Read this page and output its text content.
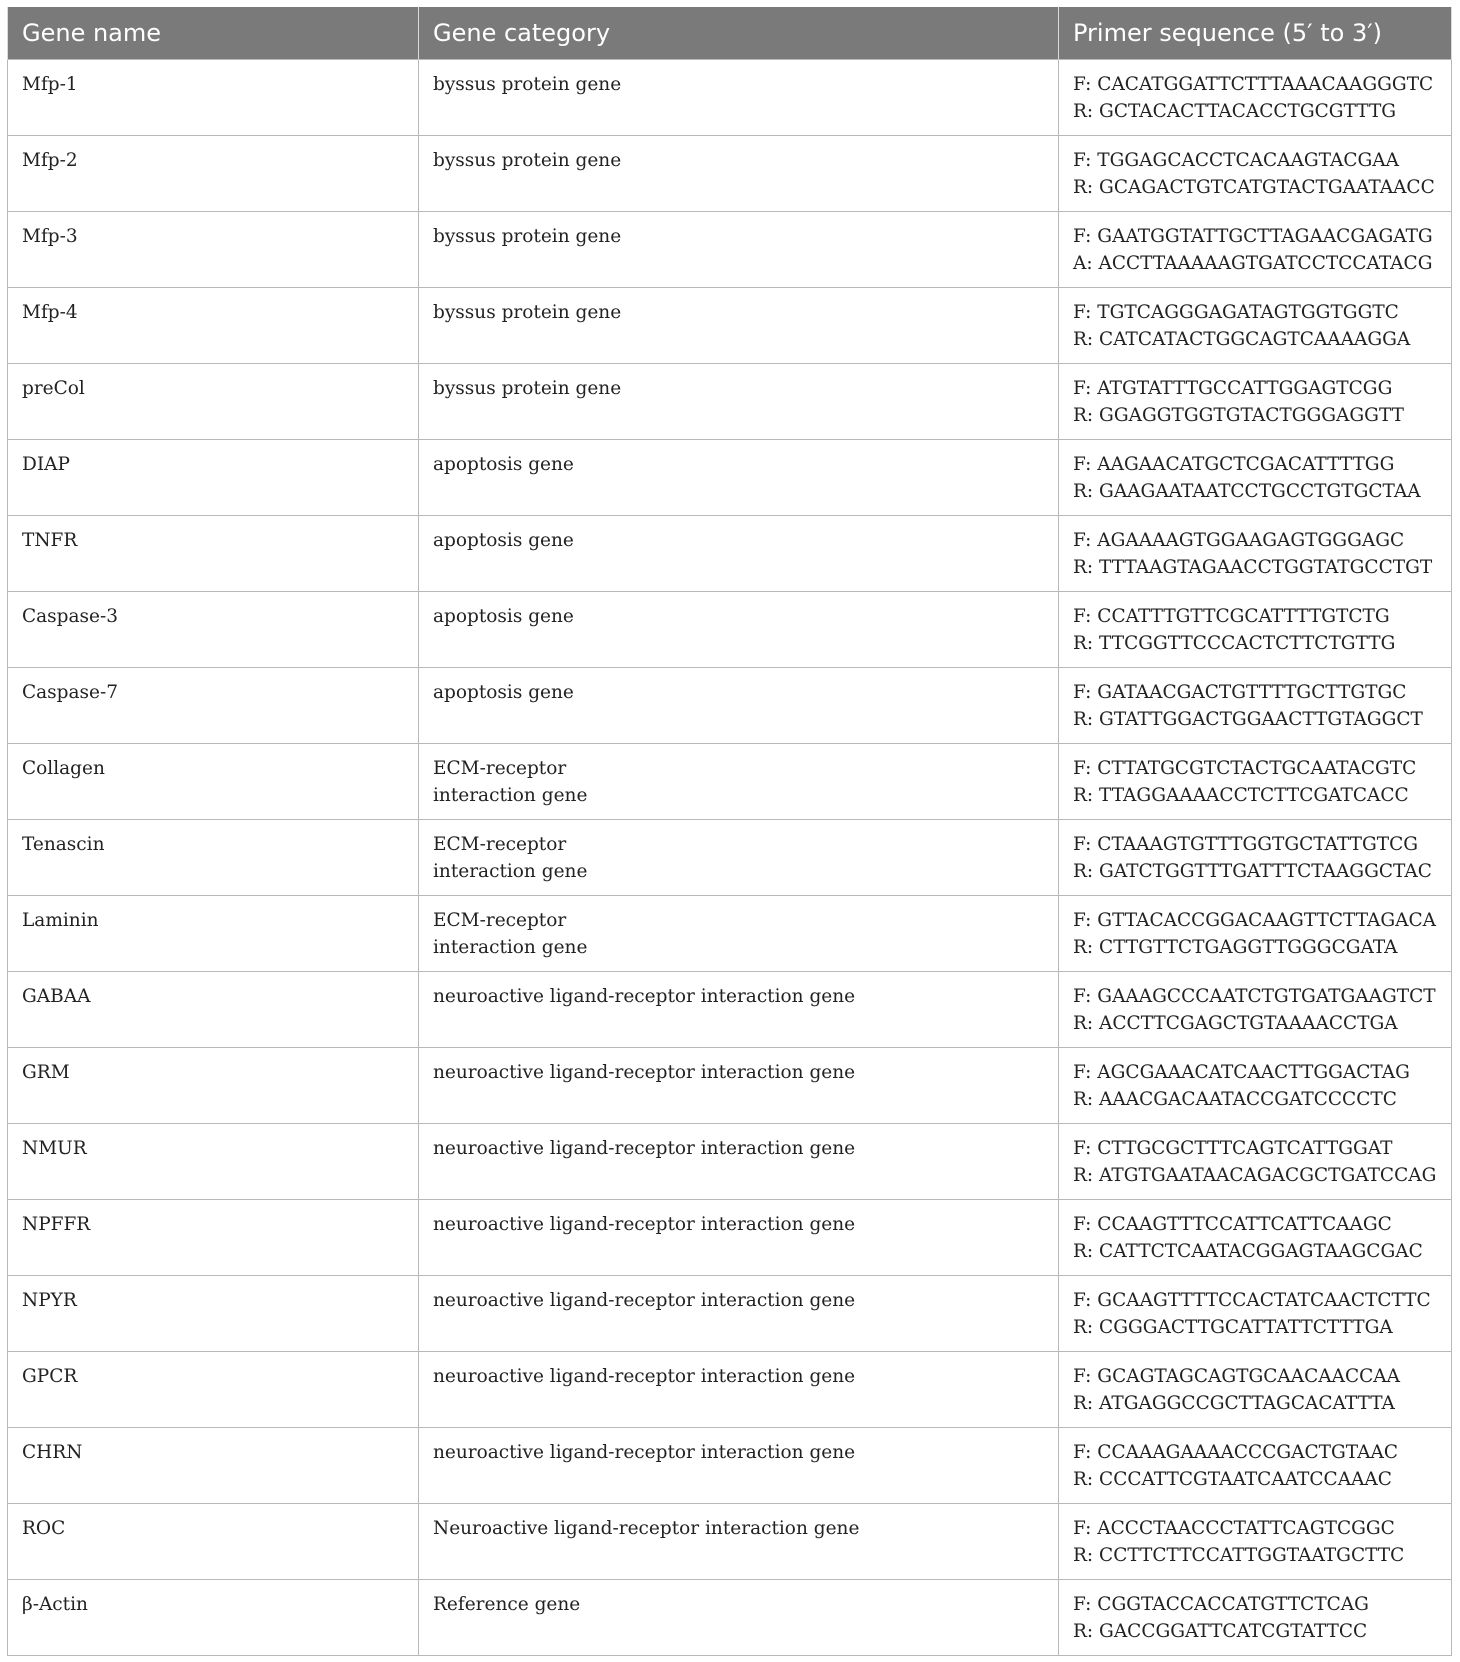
Gene name	Gene category	Primer sequence (5′ to 3′)
Mfp-1	byssus protein gene	F: CACATGGATTCTTTAAACAAGGGTC
R: GCTACACTTACACCTGCGTTTG

Mfp-2	byssus protein gene	F: TGGAGCACCTCACAAGTACGAA
R: GCAGACTGTCATGTACTGAATAACC

Mfp-3	byssus protein gene	F: GAATGGTATTGCTTAGAACGAGATG
A: ACCTTAAAAAGTGATCCTCCATACG

Mfp-4	byssus protein gene	F: TGTCAGGGAGATAGTGGTGGTC
R: CATCATACTGGCAGTCAAAAGGA

preCol	byssus protein gene	F: ATGTATTTGCCATTGGAGTCGG
R: GGAGGTGGTGTACTGGGAGGTT

DIAP	apoptosis gene	F: AAGAACATGCTCGACATTTTGG
R: GAAGAATAATCCTGCCTGTGCTAA

TNFR	apoptosis gene	F: AGAAAAGTGGAAGAGTGGGAGC
R: TTTAAGTAGAACCTGGTATGCCTGT

Caspase-3	apoptosis gene	F: CCATTTGTTCGCATTTTGTCTG
R: TTCGGTTCCCACTCTTCTGTTG

Caspase-7	apoptosis gene	F: GATAACGACTGTTTTGCTTGTGC
R: GTATTGGACTGGAACTTGTAGGCT

Collagen	ECM-receptor
interaction gene	F: CTTATGCGTCTACTGCAATACGTC
R: TTAGGAAAACCTCTTCGATCACC

Tenascin	ECM-receptor
interaction gene	F: CTAAAGTGTTTGGTGCTATTGTCG
R: GATCTGGTTTGATTTCTAAGGCTAC

Laminin	ECM-receptor
interaction gene	F: GTTACACCGGACAAGTTCTTAGACA
R: CTTGTTCTGAGGTTGGGCGATA

GABAA	neuroactive ligand-receptor interaction gene	F: GAAAGCCCAATCTGTGATGAAGTCT
R: ACCTTCGAGCTGTAAAACCTGA

GRM	neuroactive ligand-receptor interaction gene	F: AGCGAAACATCAACTTGGACTAG
R: AAACGACAATACCGATCCCCTC

NMUR	neuroactive ligand-receptor interaction gene	F: CTTGCGCTTTCAGTCATTGGAT
R: ATGTGAATAACAGACGCTGATCCAG

NPFFR	neuroactive ligand-receptor interaction gene	F: CCAAGTTTCCATTCATTCAAGC
R: CATTCTCAATACGGAGTAAGCGAC

NPYR	neuroactive ligand-receptor interaction gene	F: GCAAGTTTTCCACTATCAACTCTTC
R: CGGGACTTGCATTATTCTTTGA

GPCR	neuroactive ligand-receptor interaction gene	F: GCAGTAGCAGTGCAACAACCAA
R: ATGAGGCCGCTTAGCACATTTA

CHRN	neuroactive ligand-receptor interaction gene	F: CCAAAGAAAACCCGACTGTAAC
R: CCCATTCGTAATCAATCCAAAC

ROC	Neuroactive ligand-receptor interaction gene	F: ACCCTAACCCTATTCAGTCGGC
R: CCTTCTTCCATTGGTAATGCTTC

β-Actin	Reference gene	F: CGGTACCACCATGTTCTCAG
R: GACCGGATTCATCGTATTCC
